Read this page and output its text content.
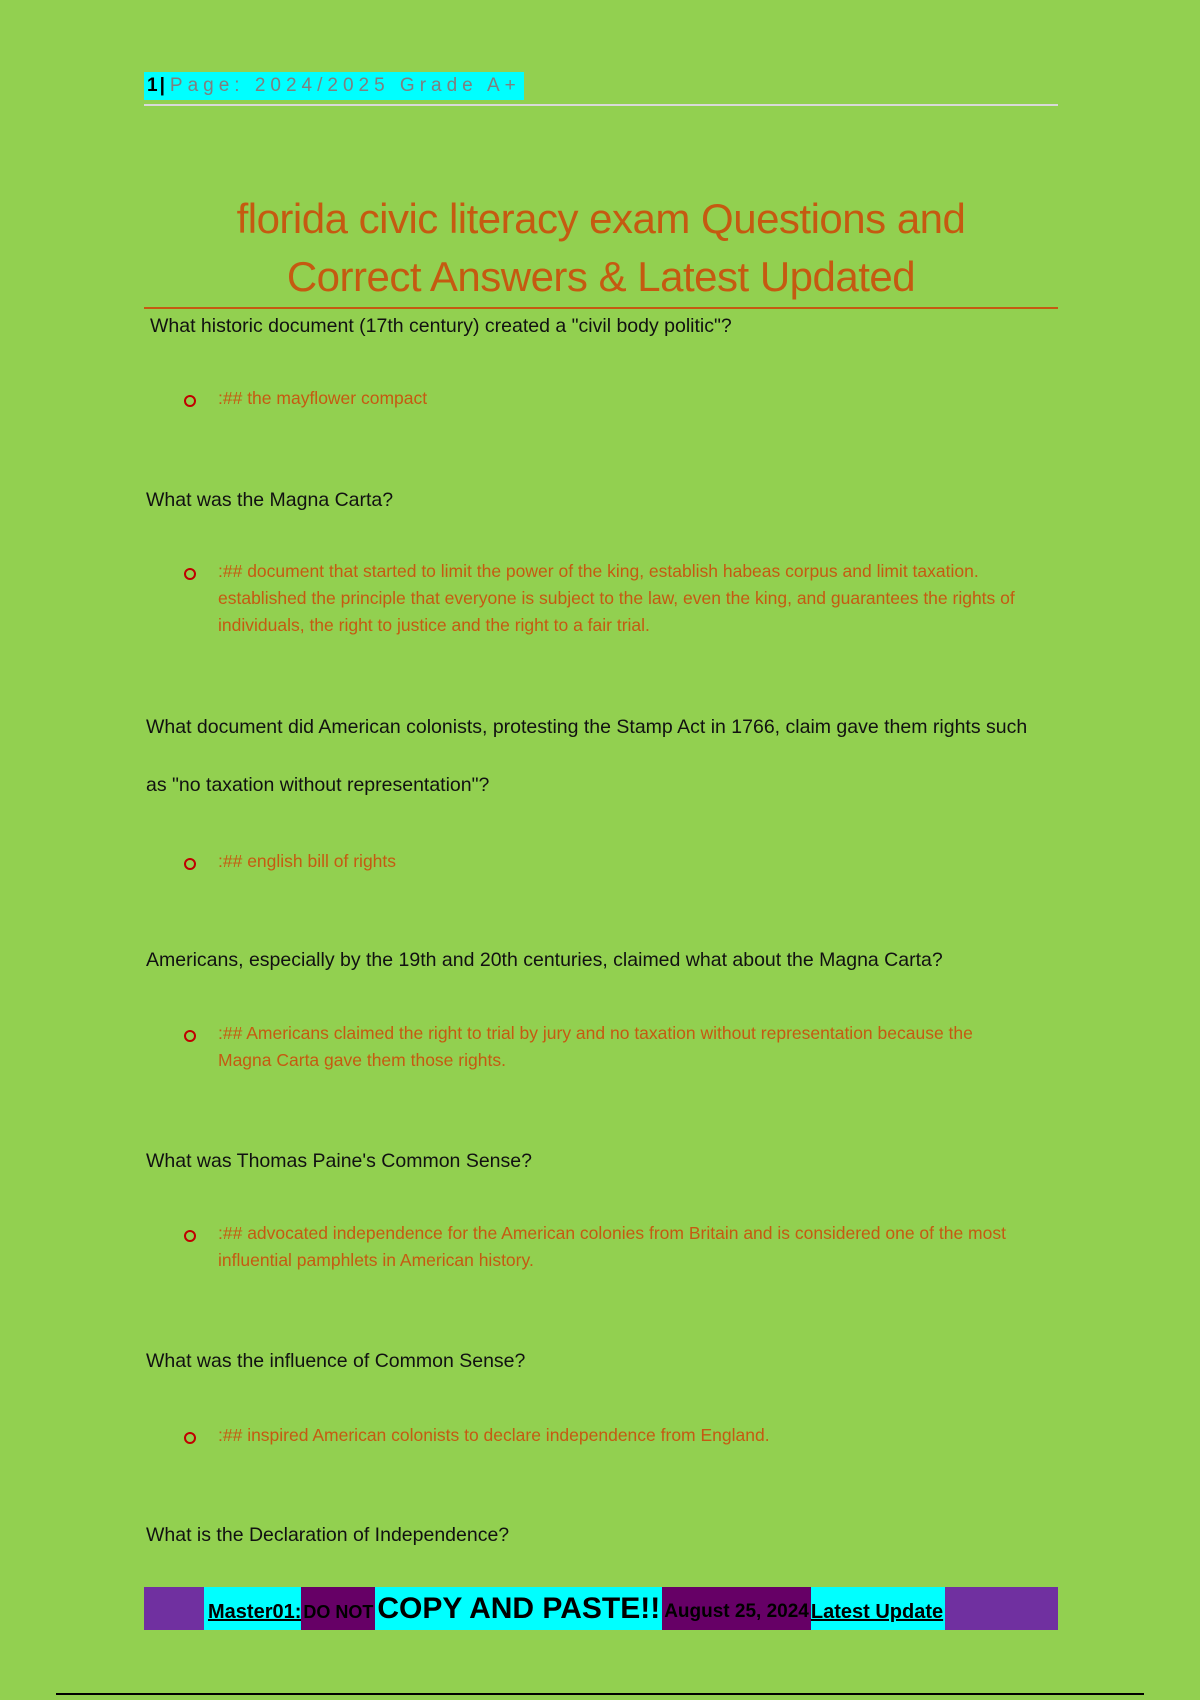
1|Page: 2024/2025 Grade A+
florida civic literacy exam Questions and
Correct Answers & Latest Updated
What historic document (17th century) created a "civil body politic"?
:## the mayflower compact
What was the Magna Carta?
:## document that started to limit the power of the king, establish habeas corpus and limit taxation. established the principle that everyone is subject to the law, even the king, and guarantees the rights of individuals, the right to justice and the right to a fair trial.
What document did American colonists, protesting the Stamp Act in 1766, claim gave them rights such as "no taxation without representation"?
:## english bill of rights
Americans, especially by the 19th and 20th centuries, claimed what about the Magna Carta?
:## Americans claimed the right to trial by jury and no taxation without representation because the Magna Carta gave them those rights.
What was Thomas Paine's Common Sense?
:## advocated independence for the American colonies from Britain and is considered one of the most influential pamphlets in American history.
What was the influence of Common Sense?
:## inspired American colonists to declare independence from England.
What is the Declaration of Independence?
Master01: DO NOT COPY AND PASTE!! August 25, 2024 Latest Update
